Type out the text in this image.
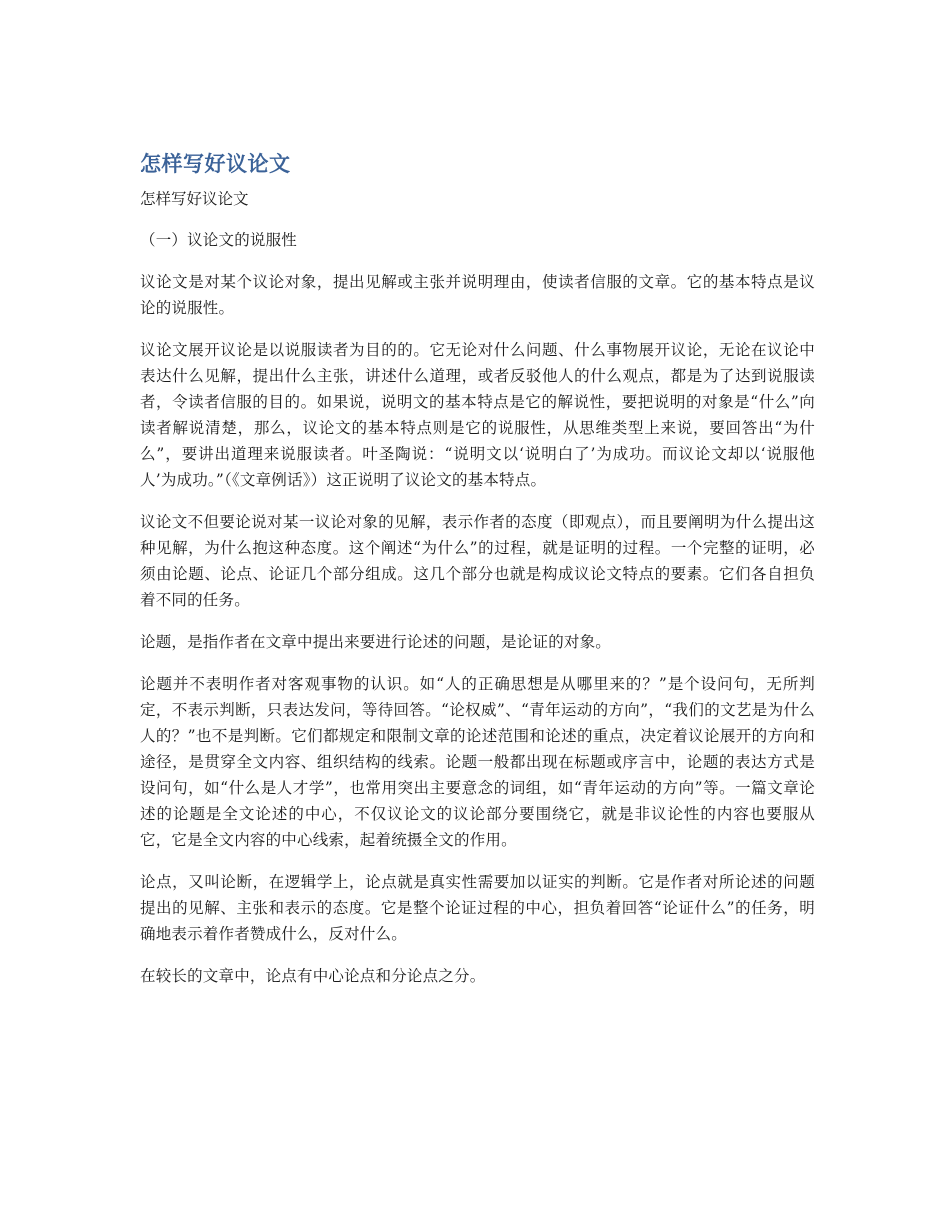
怎样写好议论文

怎样写好议论文

（一）议论文的说服性

议论文是对某个议论对象，提出见解或主张并说明理由，使读者信服的文章。它的基本特点是议论的说服性。

议论文展开议论是以说服读者为目的的。它无论对什么问题、什么事物展开议论，无论在议论中表达什么见解，提出什么主张，讲述什么道理，或者反驳他人的什么观点，都是为了达到说服读者，令读者信服的目的。如果说，说明文的基本特点是它的解说性，要把说明的对象是“什么”向读者解说清楚，那么，议论文的基本特点则是它的说服性，从思维类型上来说，要回答出“为什么”，要讲出道理来说服读者。叶圣陶说：“说明文以‘说明白了’为成功。而议论文却以‘说服他人’为成功。”（《文章例话》）这正说明了议论文的基本特点。

议论文不但要论说对某一议论对象的见解，表示作者的态度（即观点），而且要阐明为什么提出这种见解，为什么抱这种态度。这个阐述“为什么”的过程，就是证明的过程。一个完整的证明，必须由论题、论点、论证几个部分组成。这几个部分也就是构成议论文特点的要素。它们各自担负着不同的任务。

论题，是指作者在文章中提出来要进行论述的问题，是论证的对象。

论题并不表明作者对客观事物的认识。如“人的正确思想是从哪里来的？”是个设问句，无所判定，不表示判断，只表达发问，等待回答。“论权威”、“青年运动的方向”，“我们的文艺是为什么人的？”也不是判断。它们都规定和限制文章的论述范围和论述的重点，决定着议论展开的方向和途径，是贯穿全文内容、组织结构的线索。论题一般都出现在标题或序言中，论题的表达方式是设问句，如“什么是人才学”，也常用突出主要意念的词组，如“青年运动的方向”等。一篇文章论述的论题是全文论述的中心，不仅议论文的议论部分要围绕它，就是非议论性的内容也要服从它，它是全文内容的中心线索，起着统摄全文的作用。

论点，又叫论断，在逻辑学上，论点就是真实性需要加以证实的判断。它是作者对所论述的问题提出的见解、主张和表示的态度。它是整个论证过程的中心，担负着回答“论证什么”的任务，明确地表示着作者赞成什么，反对什么。

在较长的文章中，论点有中心论点和分论点之分。
